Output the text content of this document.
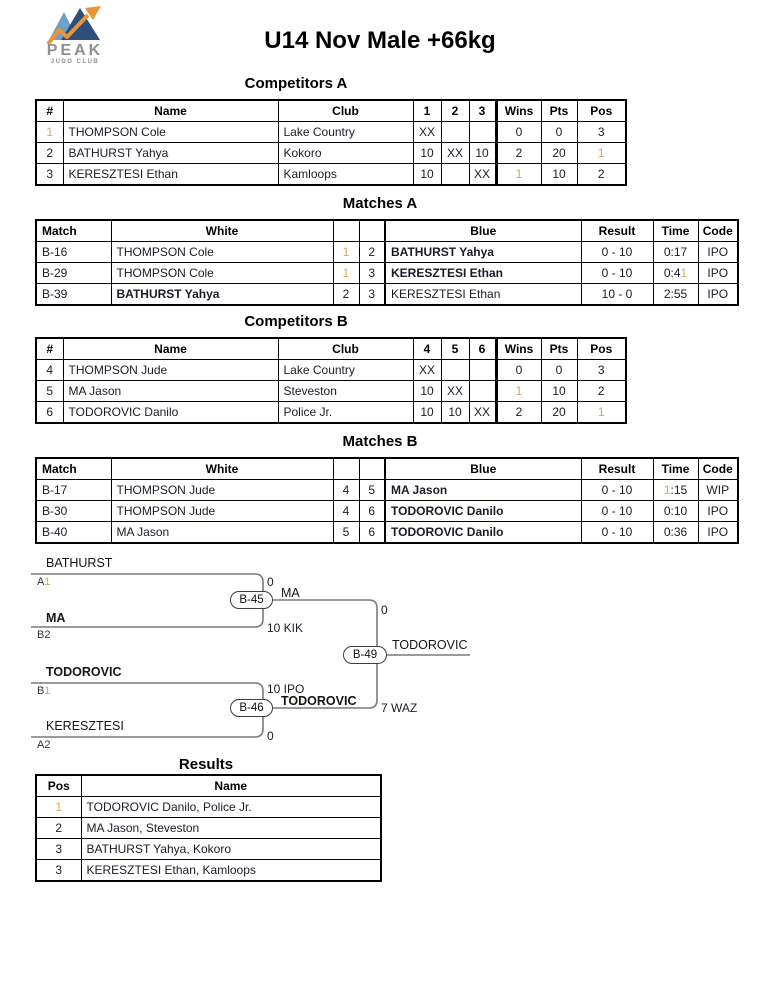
PEAK
JUDO CLUB
U14 Nov Male +66kg
Competitors A
#	Name	Club	1	2	3	Wins	Pts	Pos
1	THOMPSON Cole	Lake Country	XX			0	0	3
2	BATHURST Yahya	Kokoro	10	XX	10	2	20	1
3	KERESZTESI Ethan	Kamloops	10		XX	1	10	2
Matches A
Match	White			Blue	Result	Time	Code
B-16	THOMPSON Cole	1	2	BATHURST Yahya	0 - 10	0:17	IPO
B-29	THOMPSON Cole	1	3	KERESZTESI Ethan	0 - 10	0:41	IPO
B-39	BATHURST Yahya	2	3	KERESZTESI Ethan	10 - 0	2:55	IPO
Competitors B
#	Name	Club	4	5	6	Wins	Pts	Pos
4	THOMPSON Jude	Lake Country	XX			0	0	3
5	MA Jason	Steveston	10	XX		1	10	2
6	TODOROVIC Danilo	Police Jr.	10	10	XX	2	20	1
Matches B
Match	White			Blue	Result	Time	Code
B-17	THOMPSON Jude	4	5	MA Jason	0 - 10	1:15	WIP
B-30	THOMPSON Jude	4	6	TODOROVIC Danilo	0 - 10	0:10	IPO
B-40	MA Jason	5	6	TODOROVIC Danilo	0 - 10	0:36	IPO
BATHURST
A1	0
MA
B2	10 KIK
B-45	MA
0
TODOROVIC
B1	10 IPO
KERESZTESI
A2
0
B-46	TODOROVIC 7 WAZ
B-49
TODOROVIC
Results
Pos	Name
1	TODOROVIC Danilo, Police Jr.
2	MA Jason, Steveston
3	BATHURST Yahya, Kokoro
3	KERESZTESI Ethan, Kamloops
